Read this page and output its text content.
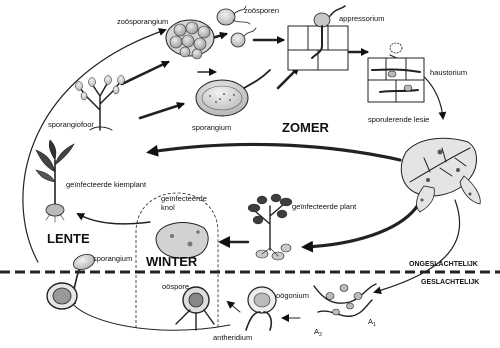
zoösporangium
zoösporen
appressorium
haustorium
sporangiofoor	sporangium	ZOMER
sporulerende lesie
geïnfecteerde kiemplant
geïnfecteerde plant
geïnfecteerde
knol
LENTE
WINTER	ONGESLACHTELIJK
GESLACHTELIJK
sporangium
oöspore
oögonium
antheridium
$A_1$
$A_2$
